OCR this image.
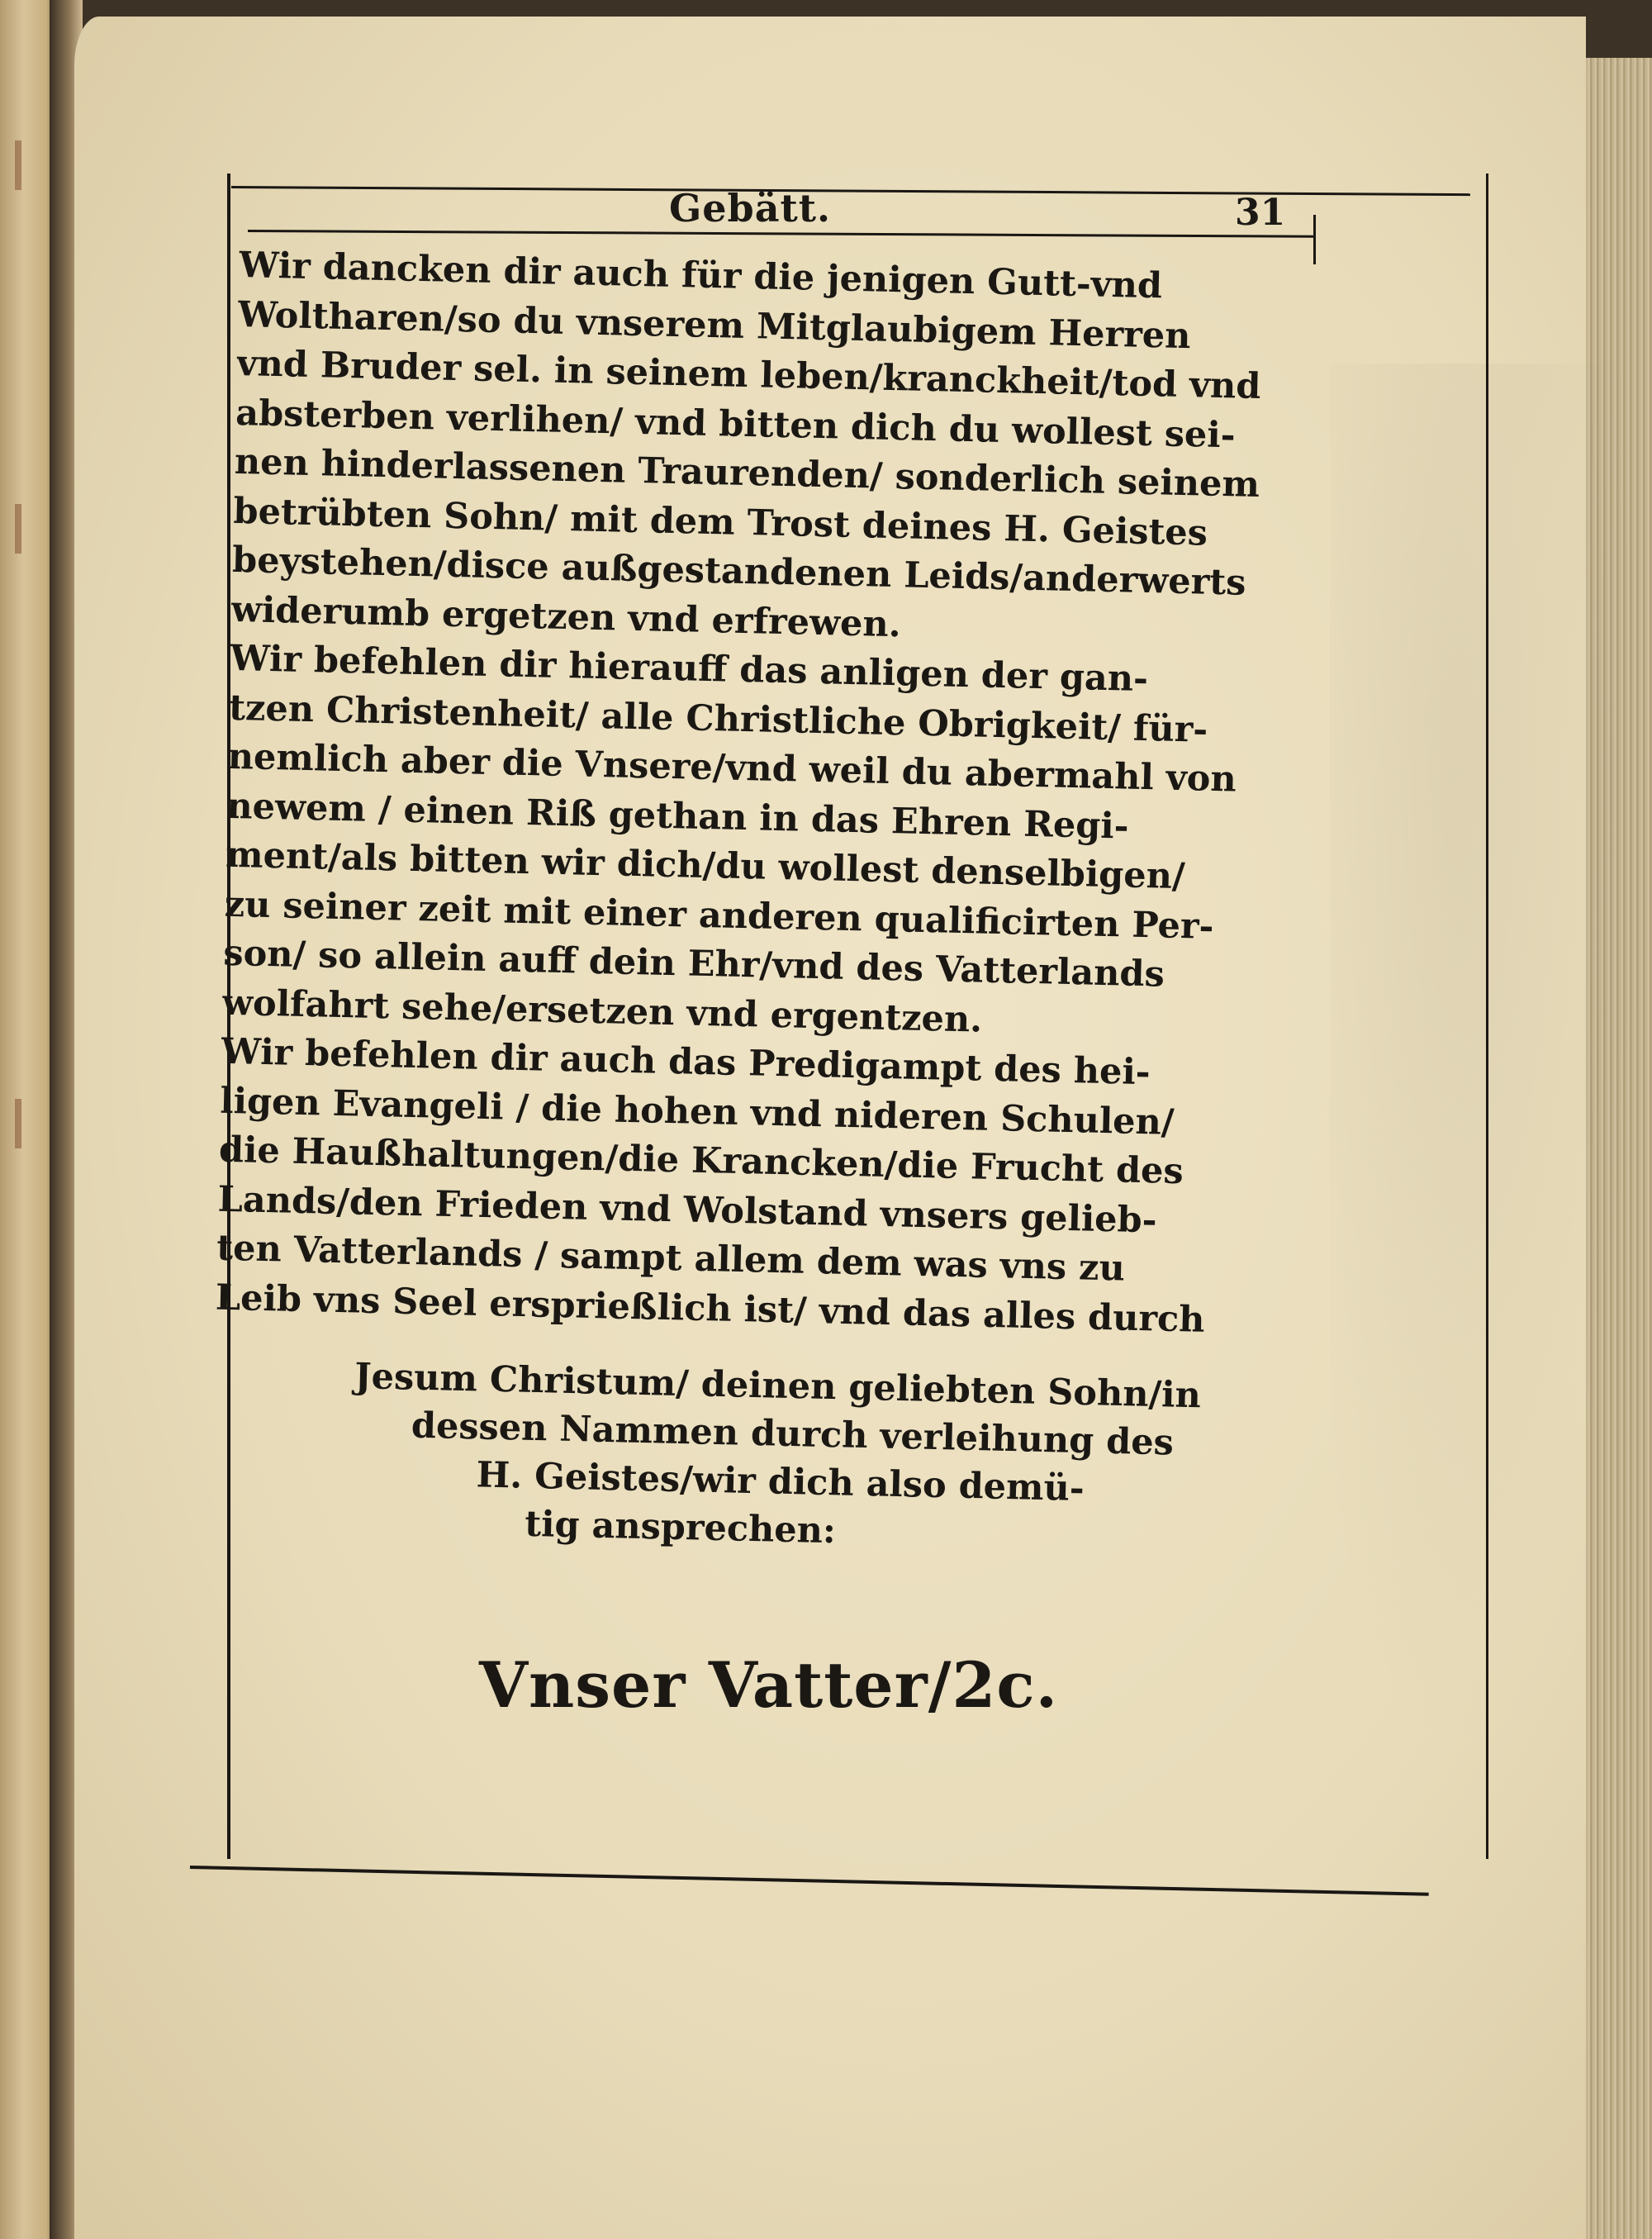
Gebätt.	31
Wir dancken dir auch für die jenigen Gutt-vnd
Woltharen/so du vnserem Mitglaubigem Herren
vnd Bruder sel. in seinem leben/kranckheit/tod vnd
absterben verlihen/ vnd bitten dich du wollest sei-
nen hinderlassenen Traurenden/ sonderlich seinem
betrübten Sohn/ mit dem Trost deines H. Geistes
beystehen/disce außgestandenen Leids/anderwerts
widerumb ergetzen vnd erfrewen.
Wir befehlen dir hierauff das anligen der gan-
tzen Christenheit/ alle Christliche Obrigkeit/ für-
nemlich aber die Vnsere/vnd weil du abermahl von
newem / einen Riß gethan in das Ehren Regi-
ment/als bitten wir dich/du wollest denselbigen/
zu seiner zeit mit einer anderen qualificirten Per-
son/ so allein auff dein Ehr/vnd des Vatterlands
wolfahrt sehe/ersetzen vnd ergentzen.
Wir befehlen dir auch das Predigampt des hei-
ligen Evangeli / die hohen vnd nideren Schulen/
die Haußhaltungen/die Krancken/die Frucht des
Lands/den Frieden vnd Wolstand vnsers gelieb-
ten Vatterlands / sampt allem dem was vns zu
Leib vns Seel erspriеßlich ist/ vnd das alles durch
Jesum Christum/ deinen geliebten Sohn/in
dessen Nammen durch verleihung des
H. Geistes/wir dich also demü-
tig ansprechen:
Vnser Vatter/2c.
